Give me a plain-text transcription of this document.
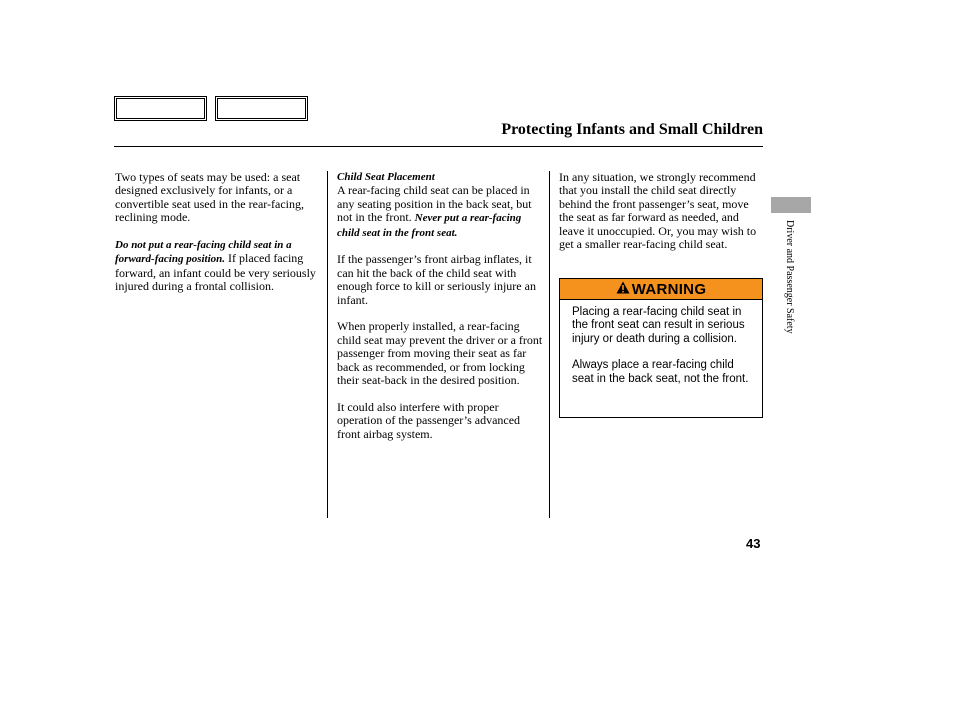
Protecting Infants and Small Children

Two types of seats may be used: a seat designed exclusively for infants, or a convertible seat used in the rear-facing, reclining mode.

Do not put a rear-facing child seat in a forward-facing position. If placed facing forward, an infant could be very seriously injured during a frontal collision.

Child Seat Placement

A rear-facing child seat can be placed in any seating position in the back seat, but not in the front. Never put a rear-facing child seat in the front seat.

If the passenger’s front airbag inflates, it can hit the back of the child seat with enough force to kill or seriously injure an infant.

When properly installed, a rear-facing child seat may prevent the driver or a front passenger from moving their seat as far back as recommended, or from locking their seat-back in the desired position.

It could also interfere with proper operation of the passenger’s advanced front airbag system.

In any situation, we strongly recommend that you install the child seat directly behind the front passenger’s seat, move the seat as far forward as needed, and leave it unoccupied. Or, you may wish to get a smaller rear-facing child seat.

WARNING

Placing a rear-facing child seat in the front seat can result in serious injury or death during a collision.

Always place a rear-facing child seat in the back seat, not the front.

Driver and Passenger Safety
43
